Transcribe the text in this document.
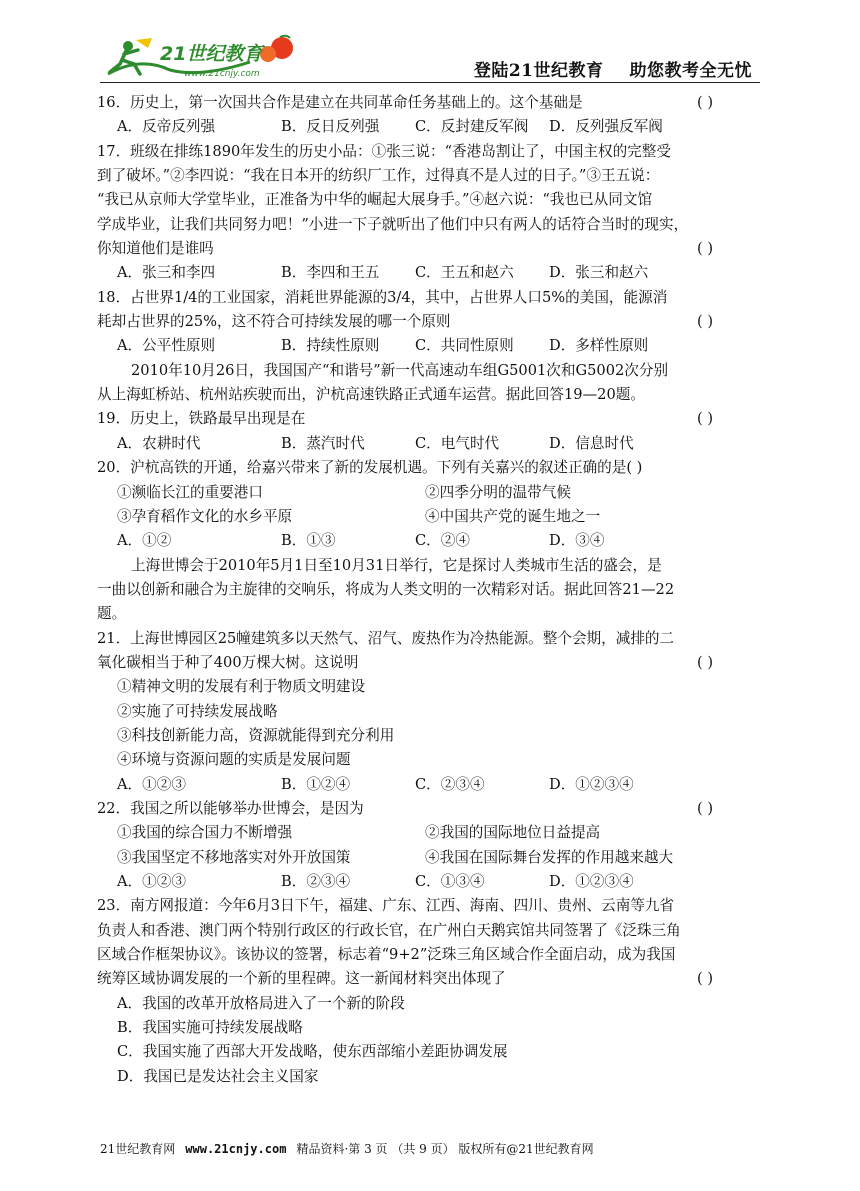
21世纪教育
www.21cnjy.com	登陆21世纪教育 助您教考全无忧
16．历史上，第一次国共合作是建立在共同革命任务基础上的。这个基础是	( )
A．反帝反列强	B．反日反列强 C．反封建反军阀 D．反列强反军阀
17．班级在排练1890年发生的历史小品：①张三说：“香港岛割让了，中国主权的完整受
到了破坏。”②李四说：“我在日本开的纺织厂工作，过得真不是人过的日子。”③王五说：
“我已从京师大学堂毕业，正准备为中华的崛起大展身手。”④赵六说：“我也已从同文馆
学成毕业，让我们共同努力吧！”小进一下子就听出了他们中只有两人的话符合当时的现实，
你知道他们是谁吗	( )
A．张三和李四	B．李四和王五 C．王五和赵六 D．张三和赵六
18．占世界1/4的工业国家，消耗世界能源的3/4，其中，占世界人口5%的美国，能源消
耗却占世界的25%，这不符合可持续发展的哪一个原则	( )
A．公平性原则	B．持续性原则 C．共同性原则 D．多样性原则
2010年10月26日，我国国产“和谐号”新一代高速动车组G5001次和G5002次分别
从上海虹桥站、杭州站疾驶而出，沪杭高速铁路正式通车运营。据此回答19—20题。
19．历史上，铁路最早出现是在	( )
A．农耕时代	B．蒸汽时代	C．电气时代	D．信息时代
20．沪杭高铁的开通，给嘉兴带来了新的发展机遇。下列有关嘉兴的叙述正确的是( )
①濒临长江的重要港口	②四季分明的温带气候
③孕育稻作文化的水乡平原	④中国共产党的诞生地之一
A．①②	B．①③	C．②④	D．③④
上海世博会于2010年5月1日至10月31日举行，它是探讨人类城市生活的盛会，是
一曲以创新和融合为主旋律的交响乐，将成为人类文明的一次精彩对话。据此回答21—22
题。
21．上海世博园区25幢建筑多以天然气、沼气、废热作为冷热能源。整个会期，减排的二
氧化碳相当于种了400万棵大树。这说明	( )
①精神文明的发展有利于物质文明建设
②实施了可持续发展战略
③科技创新能力高，资源就能得到充分利用
④环境与资源问题的实质是发展问题
A．①②③	B．①②④	C．②③④	D．①②③④
22．我国之所以能够举办世博会，是因为	( )
①我国的综合国力不断增强	②我国的国际地位日益提高
③我国坚定不移地落实对外开放国策	④我国在国际舞台发挥的作用越来越大
A．①②③	B．②③④	C．①③④	D．①②③④
23．南方网报道：今年6月3日下午，福建、广东、江西、海南、四川、贵州、云南等九省
负责人和香港、澳门两个特别行政区的行政长官，在广州白天鹅宾馆共同签署了《泛珠三角
区域合作框架协议》。该协议的签署，标志着“9+2”泛珠三角区域合作全面启动，成为我国
统筹区域协调发展的一个新的里程碑。这一新闻材料突出体现了	( )
A．我国的改革开放格局进入了一个新的阶段
B．我国实施可持续发展战略
C．我国实施了西部大开发战略，使东西部缩小差距协调发展
D．我国已是发达社会主义国家
21世纪教育网 www.21cnjy.com 精品资料·第 3 页 （共 9 页） 版权所有@21世纪教育网
